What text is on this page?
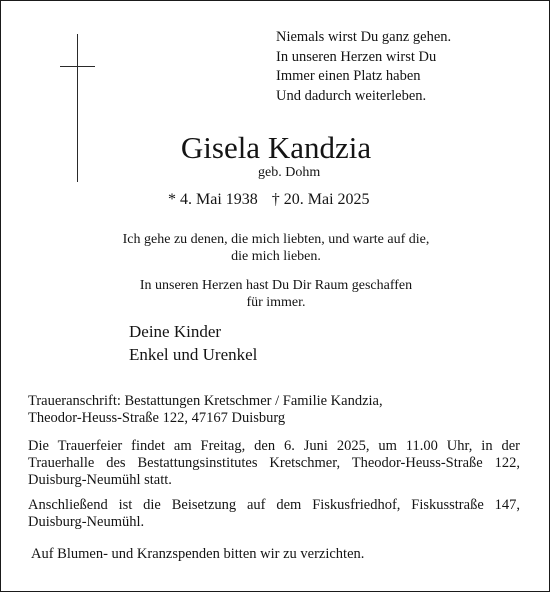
Niemals wirst Du ganz gehen.
In unseren Herzen wirst Du
Immer einen Platz haben
Und dadurch weiterleben.
Gisela Kandzia
geb. Dohm
* 4. Mai 1938 † 20. Mai 2025
Ich gehe zu denen, die mich liebten, und warte auf die,
die mich lieben.
In unseren Herzen hast Du Dir Raum geschaffen
für immer.
Deine Kinder
Enkel und Urenkel
Traueranschrift: Bestattungen Kretschmer / Familie Kandzia,
Theodor-Heuss-Straße 122, 47167 Duisburg
Die Trauerfeier findet am Freitag, den 6. Juni 2025, um 11.00 Uhr, in der Trauerhalle des Bestattungsinstitutes Kretschmer, Theodor-Heuss-Straße 122, Duisburg-Neumühl statt.
Anschließend ist die Beisetzung auf dem Fiskusfriedhof, Fiskusstraße 147, Duisburg-Neumühl.
Auf Blumen- und Kranzspenden bitten wir zu verzichten.
